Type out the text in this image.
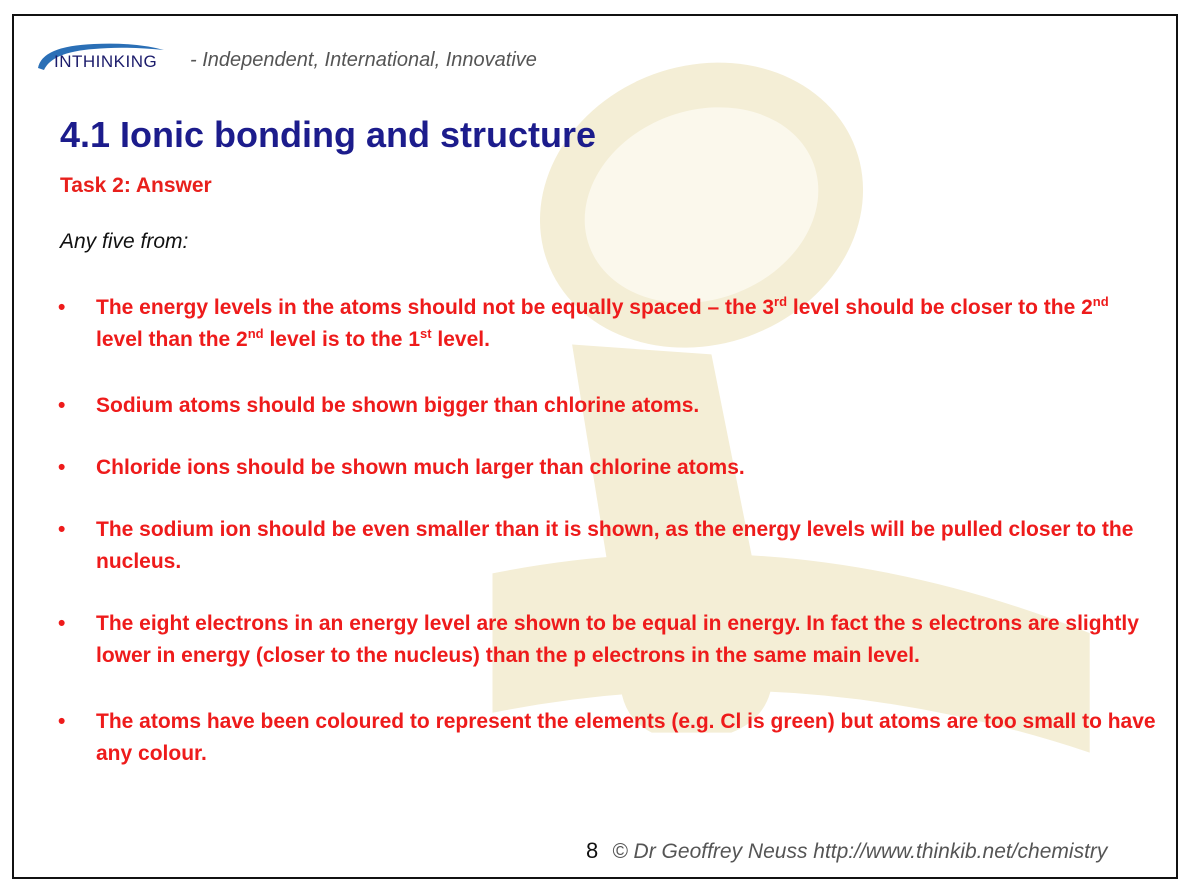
INTHINKING - Independent, International, Innovative
4.1 Ionic bonding and structure
Task 2: Answer
Any five from:
• The energy levels in the atoms should not be equally spaced – the 3rd level should be closer to the 2nd level than the 2nd level is to the 1st level.
• Sodium atoms should be shown bigger than chlorine atoms.
• Chloride ions should be shown much larger than chlorine atoms.
• The sodium ion should be even smaller than it is shown, as the energy levels will be pulled closer to the nucleus.
• The eight electrons in an energy level are shown to be equal in energy. In fact the s electrons are slightly lower in energy (closer to the nucleus) than the p electrons in the same main level.
• The atoms have been coloured to represent the elements (e.g. Cl is green) but atoms are too small to have any colour.
8 © Dr Geoffrey Neuss http://www.thinkib.net/chemistry
